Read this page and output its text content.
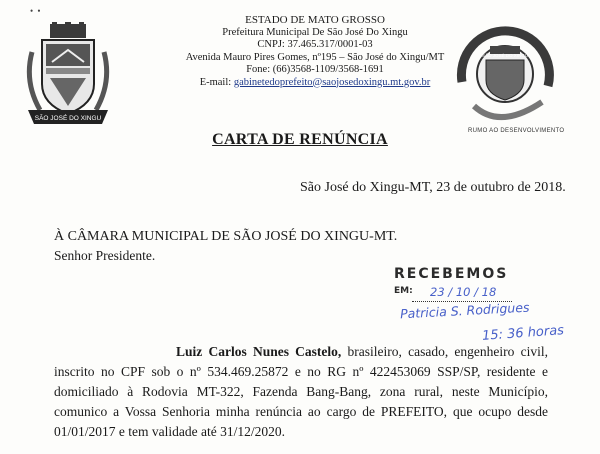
• •
SÃO JOSÉ DO XINGU
ESTADO DE MATO GROSSO
Prefeitura Municipal De São José Do Xingu
CNPJ: 37.465.317/0001-03
Avenida Mauro Pires Gomes, nº195 – São José do Xingu/MT
Fone: (66)3568-1109/3568-1691
E-mail: gabinetedoprefeito@saojosedoxingu.mt.gov.br
SÃO JOSÉ DO XINGU
RUMO AO DESENVOLVIMENTO
CARTA DE RENÚNCIA
São José do Xingu-MT, 23 de outubro de 2018.
À CÂMARA MUNICIPAL DE SÃO JOSÉ DO XINGU-MT.
Senhor Presidente.
RECEBEMOS
EM: 23 / 10 / 18
Patricia S. Rodrigues
15: 36 horas
Luiz Carlos Nunes Castelo, brasileiro, casado, engenheiro civil, inscrito no CPF sob o nº 534.469.25872 e no RG nº 422453069 SSP/SP, residente e domiciliado à Rodovia MT-322, Fazenda Bang-Bang, zona rural, neste Município, comunico a Vossa Senhoria minha renúncia ao cargo de PREFEITO, que ocupo desde 01/01/2017 e tem validade até 31/12/2020.
